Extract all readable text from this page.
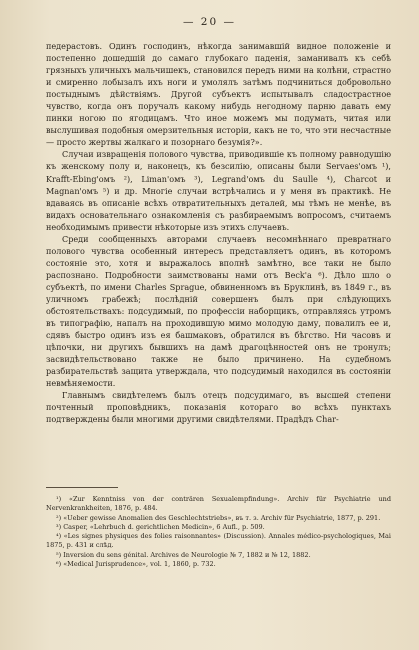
— 20 —

педерастовъ. Одинъ господинъ, нѣкогда занимавшій видное положеніе и постепенно дошедшій до самаго глубокаго паденія, заманивалъ къ себѣ грязныхъ уличныхъ мальчишекъ, становился передъ ними на колѣни, страстно и смиренно лобызалъ ихъ ноги и умолялъ затѣмъ подчиниться добровольно постыднымъ дѣйствіямъ. Другой субъектъ испытывалъ сладострастное чувство, когда онъ поручалъ какому нибудь негодному парню давать ему пинки ногою по ягодицамъ. Что иное можемъ мы подумать, читая или выслушивая подобныя омерзительныя исторіи, какъ не то, что эти несчастные — просто жертвы жалкаго и позорнаго безумія?».

Случаи извращенія полового чувства, приводившіе къ полному равнодушію къ женскому полу и, наконецъ, къ безсилію, описаны были Servaes'омъ ¹), Krafft-Ebing'омъ ²), Liman'омъ ³), Legrand'омъ du Saulle ⁴), Charcot и Magnan'омъ ⁵) и др. Многіе случаи встрѣчались и у меня въ практикѣ. Не вдаваясь въ описаніе всѣхъ отвратительныхъ деталей, мы тѣмъ не менѣе, въ видахъ основательнаго ознакомленія съ разбираемымъ вопросомъ, считаемъ необходимымъ привести нѣкоторые изъ этихъ случаевъ.

Среди сообщенныхъ авторами случаевъ несомнѣннаго превратнаго полового чувства особенный интересъ представляетъ одинъ, въ которомъ состояніе это, хотя и выражалось вполнѣ замѣтно, все таки не было распознано. Подробности заимствованы нами отъ Beck'а ⁶). Дѣло шло о субъектѣ, по имени Charles Sprague, обвиненномъ въ Бруклинѣ, въ 1849 г., въ уличномъ грабежѣ; послѣдній совершенъ былъ при слѣдующихъ обстоятельствахъ: подсудимый, по профессіи наборщикъ, отправляясь утромъ въ типографію, напалъ на проходившую мимо молодую даму, повалилъ ее и, сдявъ быстро одинъ изъ ея башмаковъ, обратился въ бѣгство. Ни часовъ и цѣпочки, ни другихъ бывшихъ на дамѣ драгоцѣнностей онъ не тронулъ; засвидѣтельствовано также не было причинено. На судебномъ разбирательствѣ защита утверждала, что подсудимый находился въ состояніи невмѣняемости.

Главнымъ свидѣтелемъ былъ отецъ подсудимаго, въ высшей степени почтенный проповѣдникъ, показанія котораго во всѣхъ пунктахъ подтверждены были многими другими свидѣтелями. Прадѣдъ Char-

¹) «Zur Kenntniss von der conträren Sexualempfindung». Archiv für Psychiatrie und Nervenkrankheiten, 1876, p. 484.

²) «Ueber gewisse Anomalien des Geschlechtstriebs», въ т. з. Archiv für Psychiatrie, 1877, p. 291.

³) Casper, «Lehrbuch d. gerichtlichen Medicin», 6 Aufl., p. 509.

⁴) «Les signes physiques des folies raisonnantes» (Discussion). Annales médico-psychologiques, Mai 1875, p. 431 и слѣд.

⁵) Inversion du sens génital. Archives de Neurologie № 7, 1882 и № 12, 1882.

⁶) «Medical Jurisprudence», vol. 1, 1860, p. 732.
